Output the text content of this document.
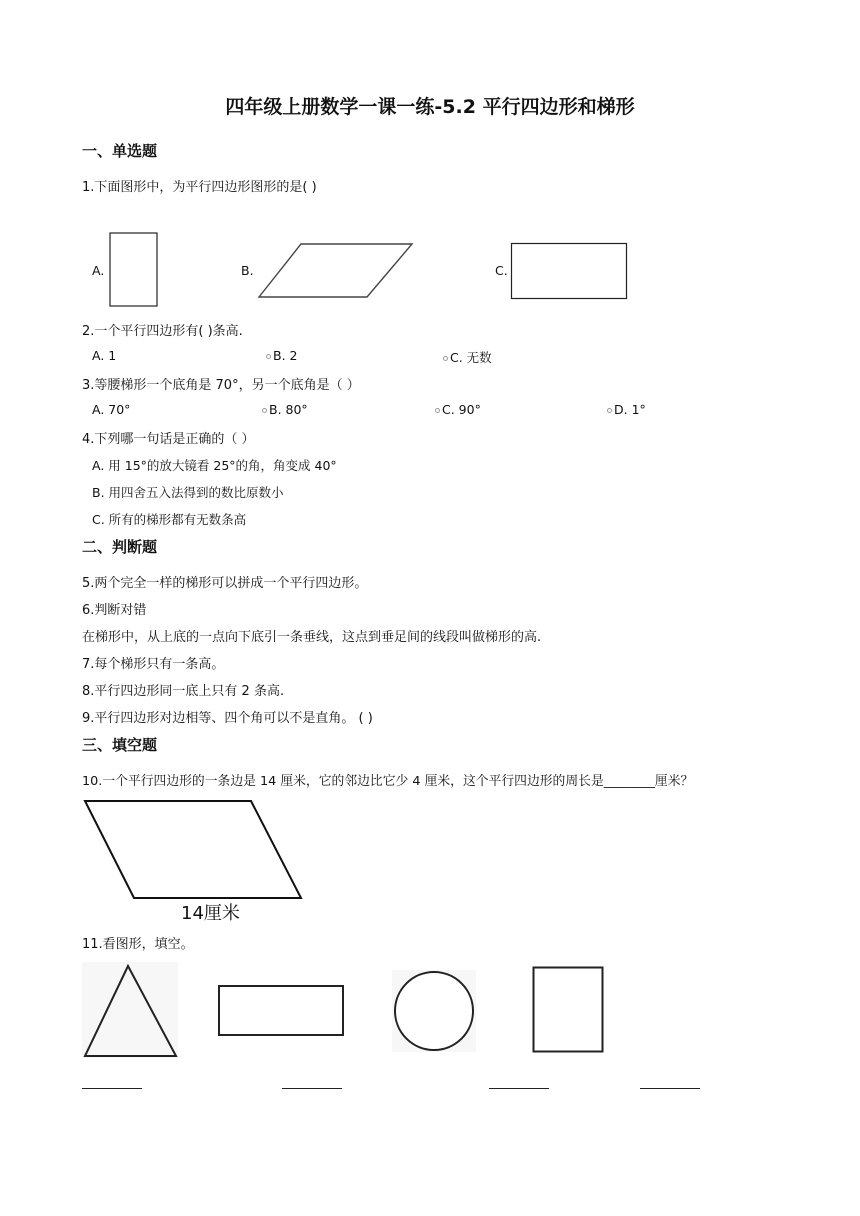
四年级上册数学一课一练-5.2 平行四边形和梯形
一、单选题
1.下面图形中，为平行四边形图形的是( )
A.	B.	C.
2.一个平行四边形有( )条高.
A. 1	B. 2	C. 无数
3.等腰梯形一个底角是 70°，另一个底角是（ ）
A. 70°	B. 80°	C. 90°	D. 1°
4.下列哪一句话是正确的（ ）
A. 用 15°的放大镜看 25°的角，角变成 40°
B. 用四舍五入法得到的数比原数小
C. 所有的梯形都有无数条高
二、判断题
5.两个完全一样的梯形可以拼成一个平行四边形。
6.判断对错
在梯形中，从上底的一点向下底引一条垂线，这点到垂足间的线段叫做梯形的高.
7.每个梯形只有一条高。
8.平行四边形同一底上只有 2 条高.
9.平行四边形对边相等、四个角可以不是直角。 ( )
三、填空题
10.一个平行四边形的一条边是 14 厘米，它的邻边比它少 4 厘米，这个平行四边形的周长是________厘米？
14厘米
11.看图形，填空。
